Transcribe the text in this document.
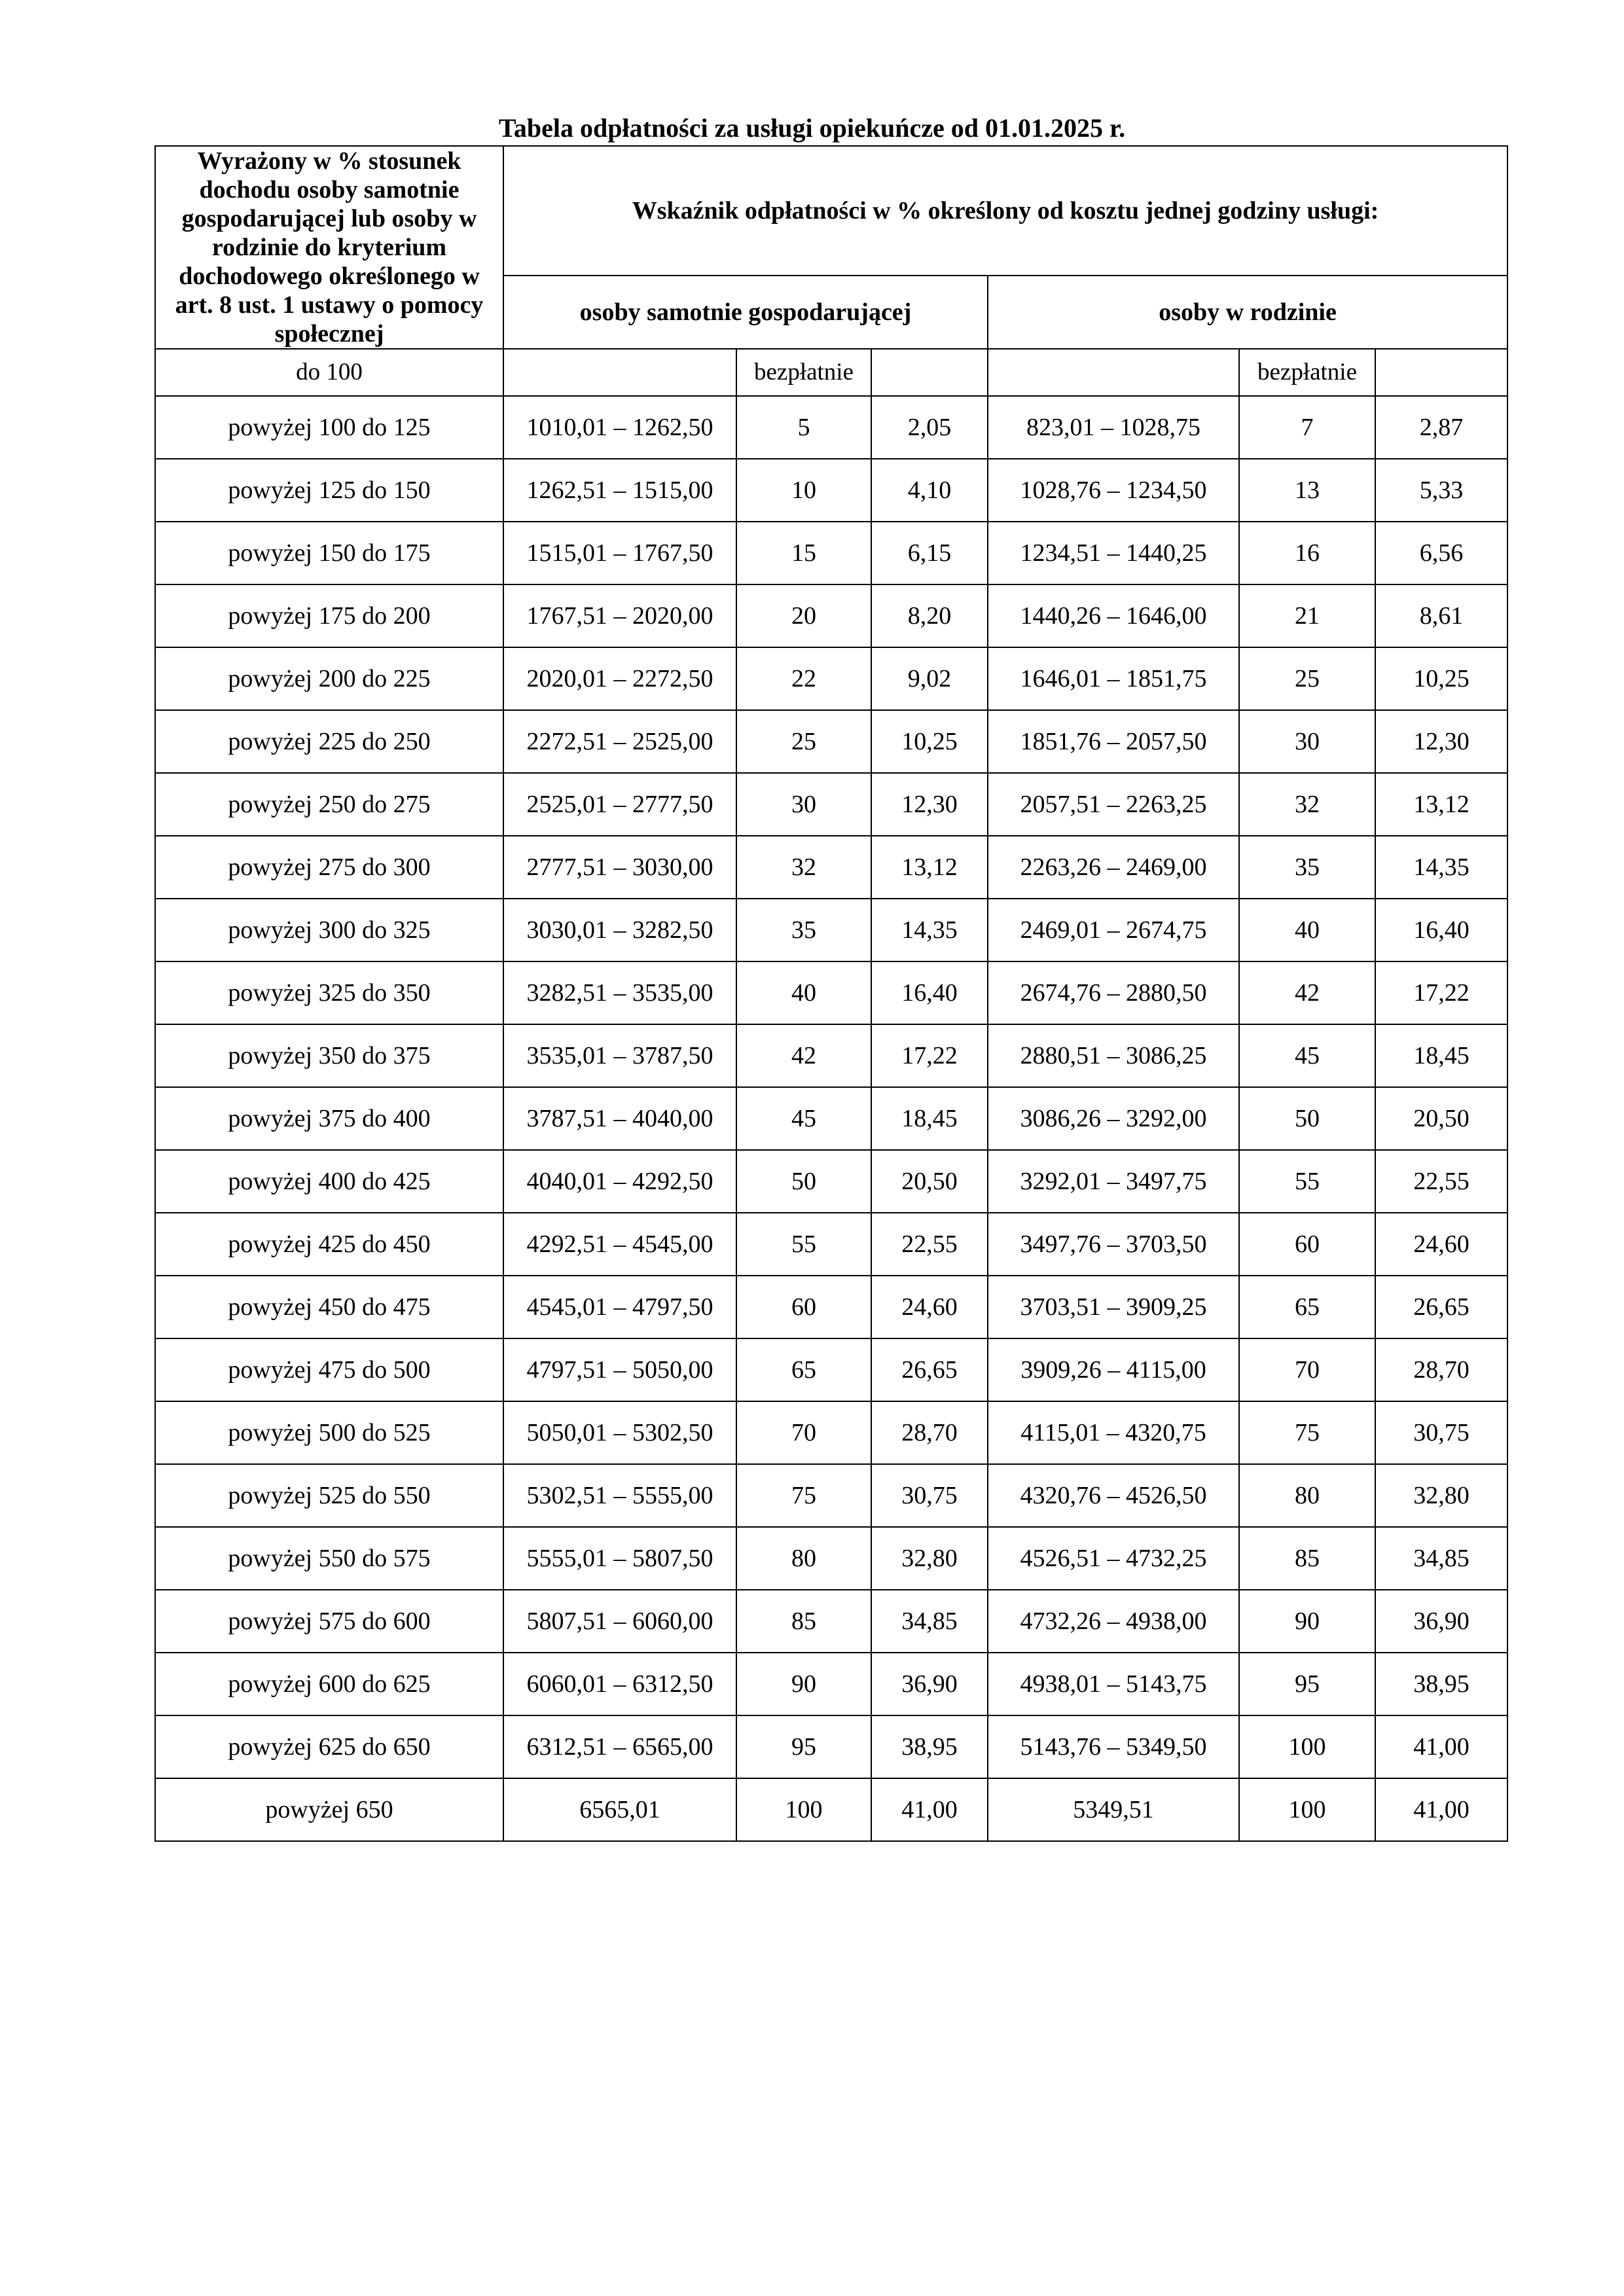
Tabela odpłatności za usługi opiekuńcze od 01.01.2025 r.
Wyrażony w % stosunek dochodu osoby samotnie gospodarującej lub osoby w rodzinie do kryterium dochodowego określonego w art. 8 ust. 1 ustawy o pomocy społecznej	Wskaźnik odpłatności w % określony od kosztu jednej godziny usługi:					
	osoby samotnie gospodarującej			osoby w rodzinie		
do 100		bezpłatnie			bezpłatnie	
powyżej 100 do 125	1010,01 – 1262,50	5	2,05	823,01 – 1028,75	7	2,87
powyżej 125 do 150	1262,51 – 1515,00	10	4,10	1028,76 – 1234,50	13	5,33
powyżej 150 do 175	1515,01 – 1767,50	15	6,15	1234,51 – 1440,25	16	6,56
powyżej 175 do 200	1767,51 – 2020,00	20	8,20	1440,26 – 1646,00	21	8,61
powyżej 200 do 225	2020,01 – 2272,50	22	9,02	1646,01 – 1851,75	25	10,25
powyżej 225 do 250	2272,51 – 2525,00	25	10,25	1851,76 – 2057,50	30	12,30
powyżej 250 do 275	2525,01 – 2777,50	30	12,30	2057,51 – 2263,25	32	13,12
powyżej 275 do 300	2777,51 – 3030,00	32	13,12	2263,26 – 2469,00	35	14,35
powyżej 300 do 325	3030,01 – 3282,50	35	14,35	2469,01 – 2674,75	40	16,40
powyżej 325 do 350	3282,51 – 3535,00	40	16,40	2674,76 – 2880,50	42	17,22
powyżej 350 do 375	3535,01 – 3787,50	42	17,22	2880,51 – 3086,25	45	18,45
powyżej 375 do 400	3787,51 – 4040,00	45	18,45	3086,26 – 3292,00	50	20,50
powyżej 400 do 425	4040,01 – 4292,50	50	20,50	3292,01 – 3497,75	55	22,55
powyżej 425 do 450	4292,51 – 4545,00	55	22,55	3497,76 – 3703,50	60	24,60
powyżej 450 do 475	4545,01 – 4797,50	60	24,60	3703,51 – 3909,25	65	26,65
powyżej 475 do 500	4797,51 – 5050,00	65	26,65	3909,26 – 4115,00	70	28,70
powyżej 500 do 525	5050,01 – 5302,50	70	28,70	4115,01 – 4320,75	75	30,75
powyżej 525 do 550	5302,51 – 5555,00	75	30,75	4320,76 – 4526,50	80	32,80
powyżej 550 do 575	5555,01 – 5807,50	80	32,80	4526,51 – 4732,25	85	34,85
powyżej 575 do 600	5807,51 – 6060,00	85	34,85	4732,26 – 4938,00	90	36,90
powyżej 600 do 625	6060,01 – 6312,50	90	36,90	4938,01 – 5143,75	95	38,95
powyżej 625 do 650	6312,51 – 6565,00	95	38,95	5143,76 – 5349,50	100	41,00
powyżej 650	6565,01	100	41,00	5349,51	100	41,00
